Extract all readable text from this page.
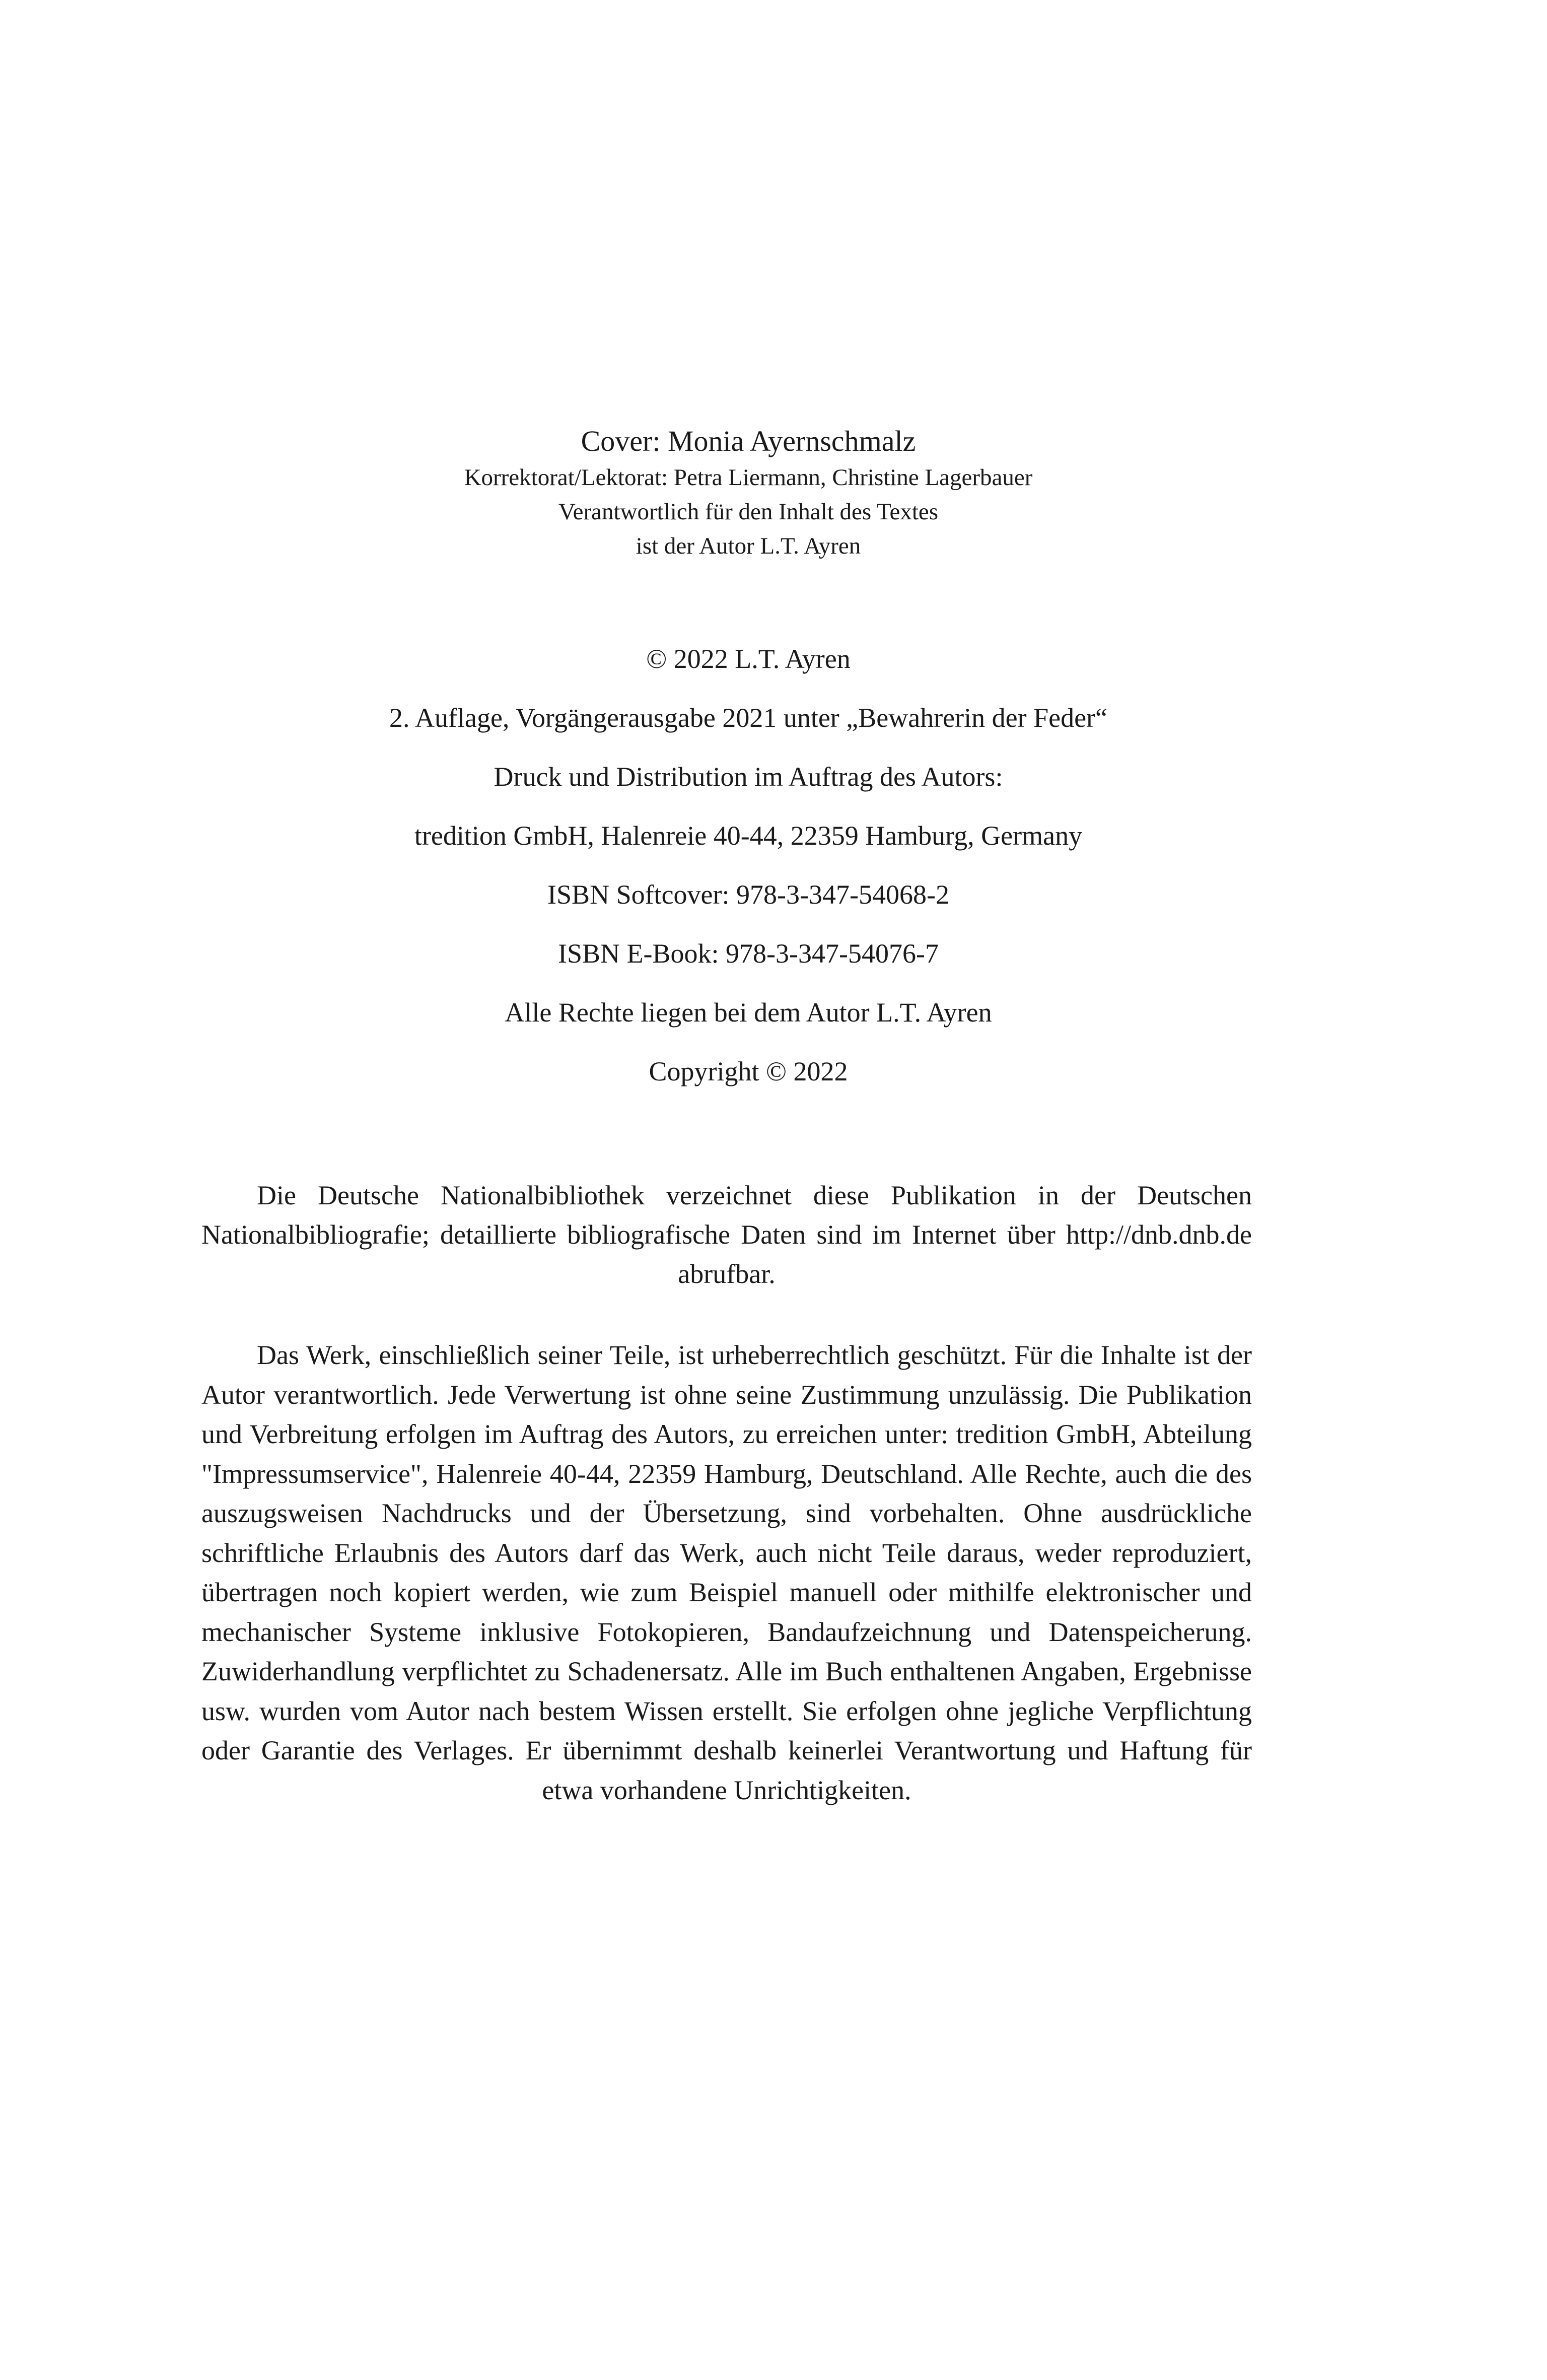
Cover: Monia Ayernschmalz
Korrektorat/Lektorat: Petra Liermann, Christine Lagerbauer
Verantwortlich für den Inhalt des Textes
ist der Autor L.T. Ayren
© 2022 L.T. Ayren
2. Auflage, Vorgängerausgabe 2021 unter „Bewahrerin der Feder“
Druck und Distribution im Auftrag des Autors:
tredition GmbH, Halenreie 40-44, 22359 Hamburg, Germany
ISBN Softcover: 978-3-347-54068-2
ISBN E-Book: 978-3-347-54076-7
Alle Rechte liegen bei dem Autor L.T. Ayren
Copyright © 2022

Die Deutsche Nationalbibliothek verzeichnet diese Publikation in der Deutschen Nationalbibliografie; detaillierte bibliografische Daten sind im Internet über http://dnb.dnb.de abrufbar.

Das Werk, einschließlich seiner Teile, ist urheberrechtlich geschützt. Für die Inhalte ist der Autor verantwortlich. Jede Verwertung ist ohne seine Zustimmung unzulässig. Die Publikation und Verbreitung erfolgen im Auftrag des Autors, zu erreichen unter: tredition GmbH, Abteilung "Impressumservice", Halenreie 40-44, 22359 Hamburg, Deutschland. Alle Rechte, auch die des auszugsweisen Nachdrucks und der Übersetzung, sind vorbehalten. Ohne ausdrückliche schriftliche Erlaubnis des Autors darf das Werk, auch nicht Teile daraus, weder reproduziert, übertragen noch kopiert werden, wie zum Beispiel manuell oder mithilfe elektronischer und mechanischer Systeme inklusive Fotokopieren, Bandaufzeichnung und Datenspeicherung. Zuwiderhandlung verpflichtet zu Schadenersatz. Alle im Buch enthaltenen Angaben, Ergebnisse usw. wurden vom Autor nach bestem Wissen erstellt. Sie erfolgen ohne jegliche Verpflichtung oder Garantie des Verlages. Er übernimmt deshalb keinerlei Verantwortung und Haftung für etwa vorhandene Unrichtigkeiten.
